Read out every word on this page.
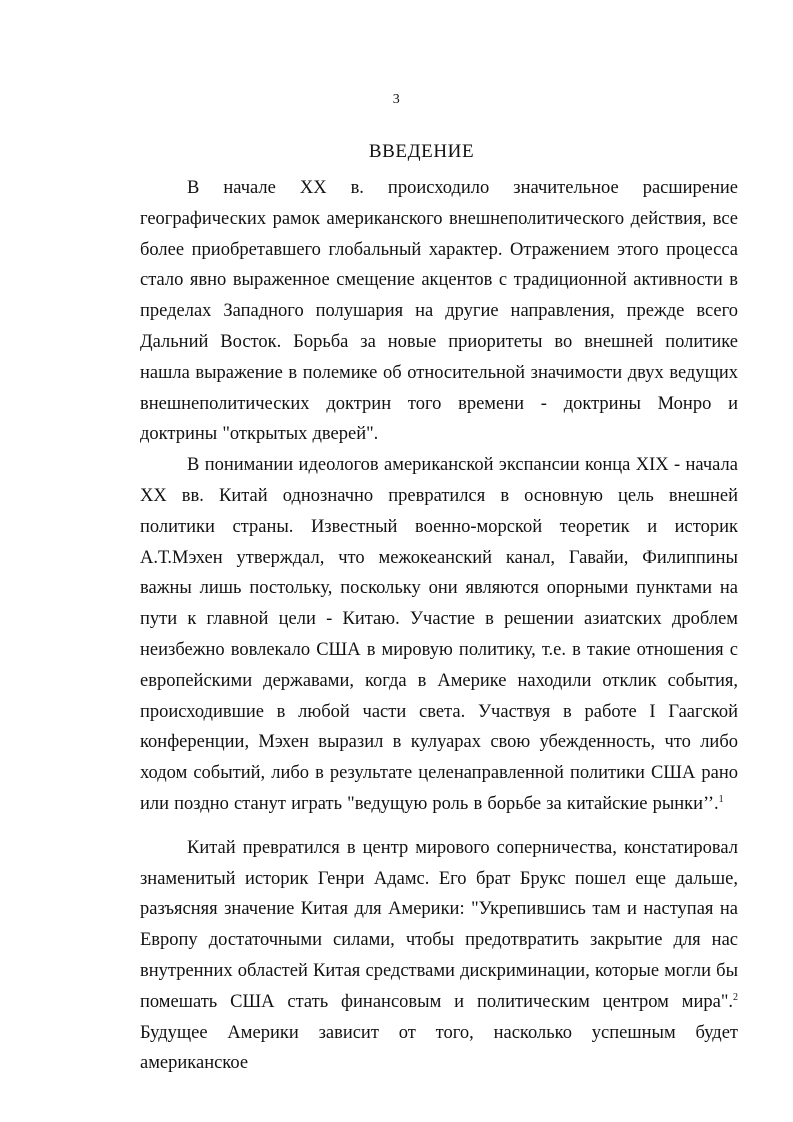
3
ВВЕДЕНИЕ

В начале XX в. происходило значительное расширение географических рамок американского внешнеполитического действия, все более приобретавшего глобальный характер. Отражением этого процесса стало явно выраженное смещение акцентов с традиционной активности в пределах Западного полушария на другие направления, прежде всего Дальний Восток. Борьба за новые приоритеты во внешней политике нашла выражение в полемике об относительной значимости двух ведущих внешнеполитических доктрин того времени - доктрины Монро и доктрины "открытых дверей".

В понимании идеологов американской экспансии конца XIX - начала XX вв. Китай однозначно превратился в основную цель внешней политики страны. Известный военно-морской теоретик и историк А.Т.Мэхен утверждал, что межокеанский канал, Гавайи, Филиппины важны лишь постольку, поскольку они являются опорными пунктами на пути к главной цели - Китаю. Участие в решении азиатских дроблем неизбежно вовлекало США в мировую политику, т.е. в такие отношения с европейскими державами, когда в Америке находили отклик события, происходившие в любой части света. Участвуя в работе I Гаагской конференции, Мэхен выразил в кулуарах свою убежденность, что либо ходом событий, либо в результате целенаправленной политики США рано или поздно станут играть "ведущую роль в борьбе за китайские рынки’’.$^1$

Китай превратился в центр мирового соперничества, констатировал знаменитый историк Генри Адамс. Его брат Брукс пошел еще дальше, разъясняя значение Китая для Америки: "Укрепившись там и наступая на Европу достаточными силами, чтобы предотвратить закрытие для нас внутренних областей Китая средствами дискриминации, которые могли бы помешать США стать финансовым и политическим центром мира".$^2$ Будущее Америки зависит от того, насколько успешным будет американское
